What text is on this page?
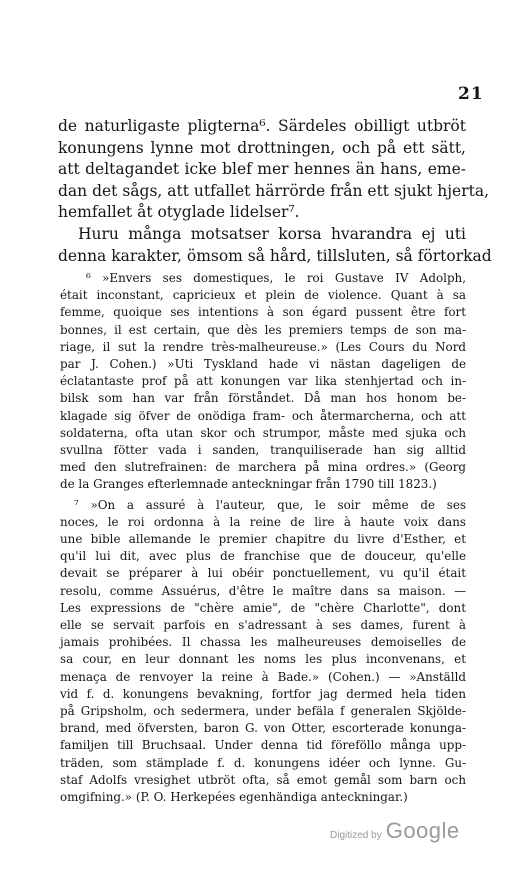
21
de naturligaste pligterna⁶. Särdeles obilligt utbröt
konungens lynne mot drottningen, och på ett sätt,
att deltagandet icke blef mer hennes än hans, eme-
dan det sågs, att utfallet härrörde från ett sjukt hjerta,
hemfallet åt otyglade lidelser⁷.
Huru många motsatser korsa hvarandra ej uti
denna karakter, ömsom så hård, tillsluten, så förtorkad
⁶ »Envers ses domestiques, le roi Gustave IV Adolph,
était inconstant, capricieux et plein de violence. Quant à sa
femme, quoique ses intentions à son égard pussent être fort
bonnes, il est certain, que dès les premiers temps de son ma-
riage, il sut la rendre très-malheureuse.» (Les Cours du Nord
par J. Cohen.) »Uti Tyskland hade vi nästan dageligen de
éclatantaste prof på att konungen var lika stenhjertad och in-
bilsk som han var från förståndet. Då man hos honom be-
klagade sig öfver de onödiga fram- och återmarcherna, och att
soldaterna, ofta utan skor och strumpor, måste med sjuka och
svullna fötter vada i sanden, tranquiliserade han sig alltid
med den slutrefrainen: de marchera på mina ordres.» (Georg
de la Granges efterlemnade anteckningar från 1790 till 1823.)
⁷ »On a assuré à l'auteur, que, le soir même de ses
noces, le roi ordonna à la reine de lire à haute voix dans
une bible allemande le premier chapitre du livre d'Esther, et
qu'il lui dit, avec plus de franchise que de douceur, qu'elle
devait se préparer à lui obéir ponctuellement, vu qu'il était
resolu, comme Assuérus, d'être le maître dans sa maison. —
Les expressions de "chère amie", de "chère Charlotte", dont
elle se servait parfois en s'adressant à ses dames, furent à
jamais prohibées. Il chassa les malheureuses demoiselles de
sa cour, en leur donnant les noms les plus inconvenans, et
menaça de renvoyer la reine à Bade.» (Cohen.) — »Anställd
vid f. d. konungens bevakning, fortfor jag dermed hela tiden
på Gripsholm, och sedermera, under befäla f generalen Skjölde-
brand, med öfversten, baron G. von Otter, escorterade konunga-
familjen till Bruchsaal. Under denna tid föreföllo många upp-
träden, som stämplade f. d. konungens idéer och lynne. Gu-
staf Adolfs vresighet utbröt ofta, så emot gemål som barn och
omgifning.» (P. O. Herkepées egenhändiga anteckningar.)
Digitized by Google
